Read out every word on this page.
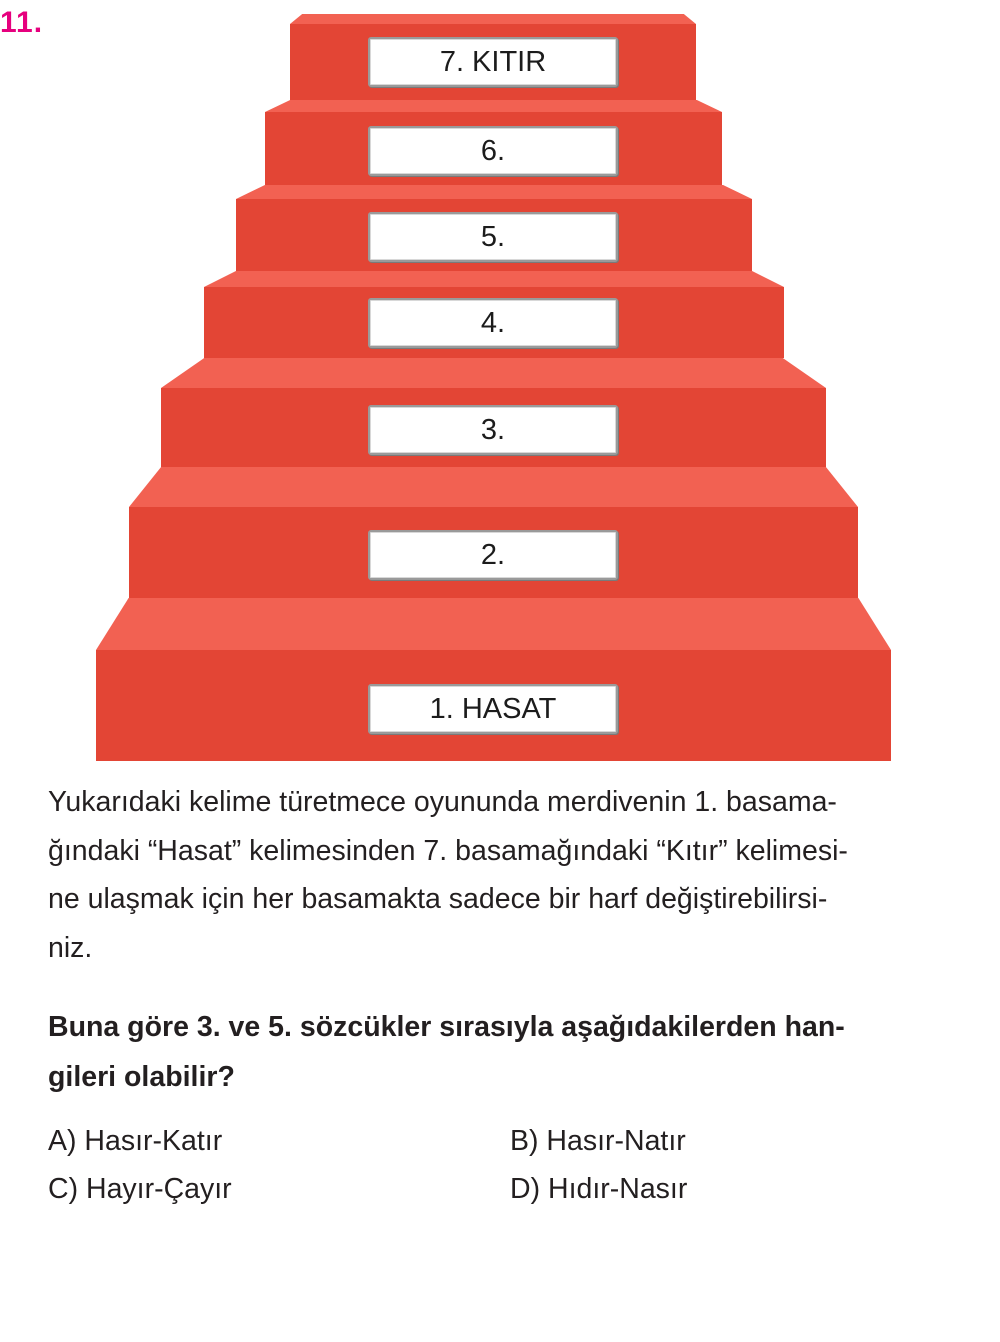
11.
7. KITIR
6.
5.
4.
3.
2.
1. HASAT
Yukarıdaki kelime türetmece oyununda merdivenin 1. basama-
ğındaki “Hasat” kelimesinden 7. basamağındaki “Kıtır” kelimesi-
ne ulaşmak için her basamakta sadece bir harf değiştirebilirsi-
niz.
Buna göre 3. ve 5. sözcükler sırasıyla aşağıdakilerden han-
gileri olabilir?
A) Hasır-Katır	B) Hasır-Natır
C) Hayır-Çayır	D) Hıdır-Nasır
